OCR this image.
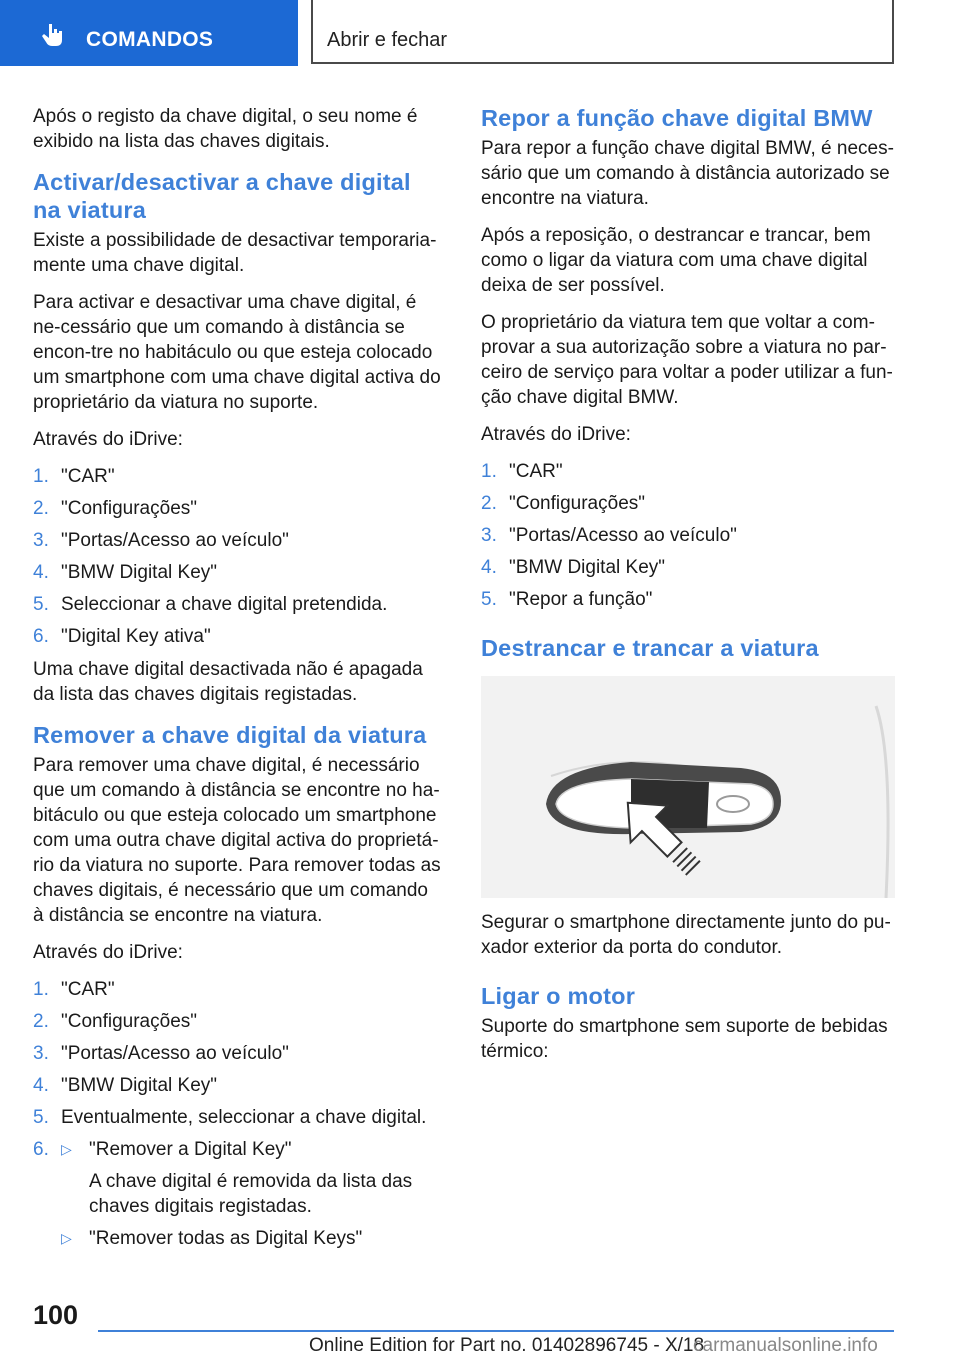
COMANDOS	Abrir e fechar

Após o registo da chave digital, o seu nome é exibido na lista das chaves digitais.

Activar/desactivar a chave digital na viatura

Existe a possibilidade de desactivar temporaria-mente uma chave digital.

Para activar e desactivar uma chave digital, é ne-cessário que um comando à distância se encon-tre no habitáculo ou que esteja colocado um smartphone com uma chave digital activa do proprietário da viatura no suporte.

Através do iDrive:

1. "CAR"
2. "Configurações"
3. "Portas/Acesso ao veículo"
4. "BMW Digital Key"
5. Seleccionar a chave digital pretendida.
6. "Digital Key ativa"

Uma chave digital desactivada não é apagada da lista das chaves digitais registadas.

Remover a chave digital da viatura

Para remover uma chave digital, é necessário que um comando à distância se encontre no ha-bitáculo ou que esteja colocado um smartphone com uma outra chave digital activa do proprietá-rio da viatura no suporte. Para remover todas as chaves digitais, é necessário que um comando à distância se encontre na viatura.

Através do iDrive:

1. "CAR"
2. "Configurações"
3. "Portas/Acesso ao veículo"
4. "BMW Digital Key"
5. Eventualmente, seleccionar a chave digital.
6. ▷ "Remover a Digital Key"
A chave digital é removida da lista das chaves digitais registadas.
▷ "Remover todas as Digital Keys"
Repor a função chave digital BMW

Para repor a função chave digital BMW, é neces-sário que um comando à distância autorizado se encontre na viatura.

Após a reposição, o destrancar e trancar, bem como o ligar da viatura com uma chave digital deixa de ser possível.

O proprietário da viatura tem que voltar a com-provar a sua autorização sobre a viatura no par-ceiro de serviço para voltar a poder utilizar a fun-ção chave digital BMW.

Através do iDrive:

1. "CAR"
2. "Configurações"
3. "Portas/Acesso ao veículo"
4. "BMW Digital Key"
5. "Repor a função"
Destrancar e trancar a viatura

Segurar o smartphone directamente junto do pu-xador exterior da porta do condutor.

Ligar o motor

Suporte do smartphone sem suporte de bebidas térmico:

100
Online Edition for Part no. 01402896745 - X/18
carmanualsonline.info
